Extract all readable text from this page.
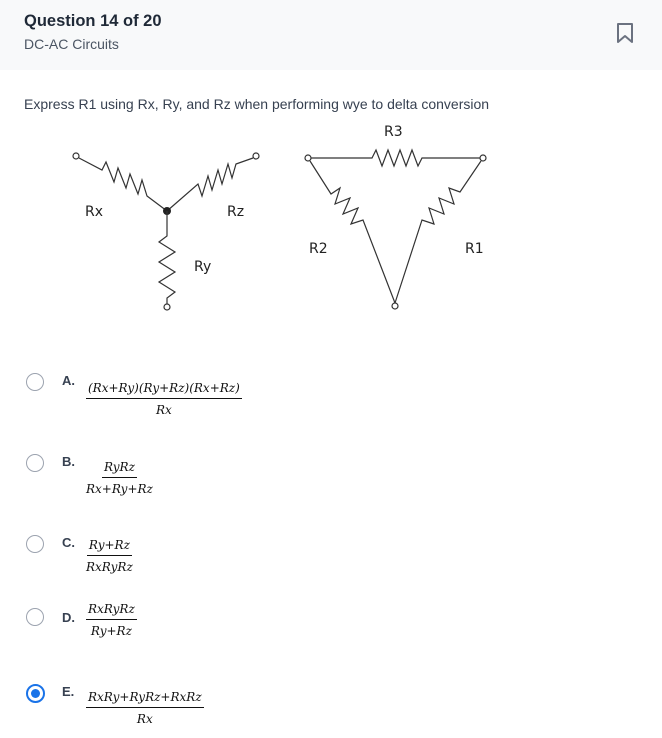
Question 14 of 20
DC-AC Circuits
Express R1 using Rx, Ry, and Rz when performing wye to delta conversion
Rx	Rz
Ry
R3
R2	R1
A.
$\frac{(Rx+Ry)(Ry+Rz)(Rx+Rz)}{Rx}$
B. RyRz
Rx+Ry+Rz
C. Ry+Rz
RxRyRz
D.
RxRyRz
Ry+Rz
E. RxRy+RyRz+RxRz
Rx
